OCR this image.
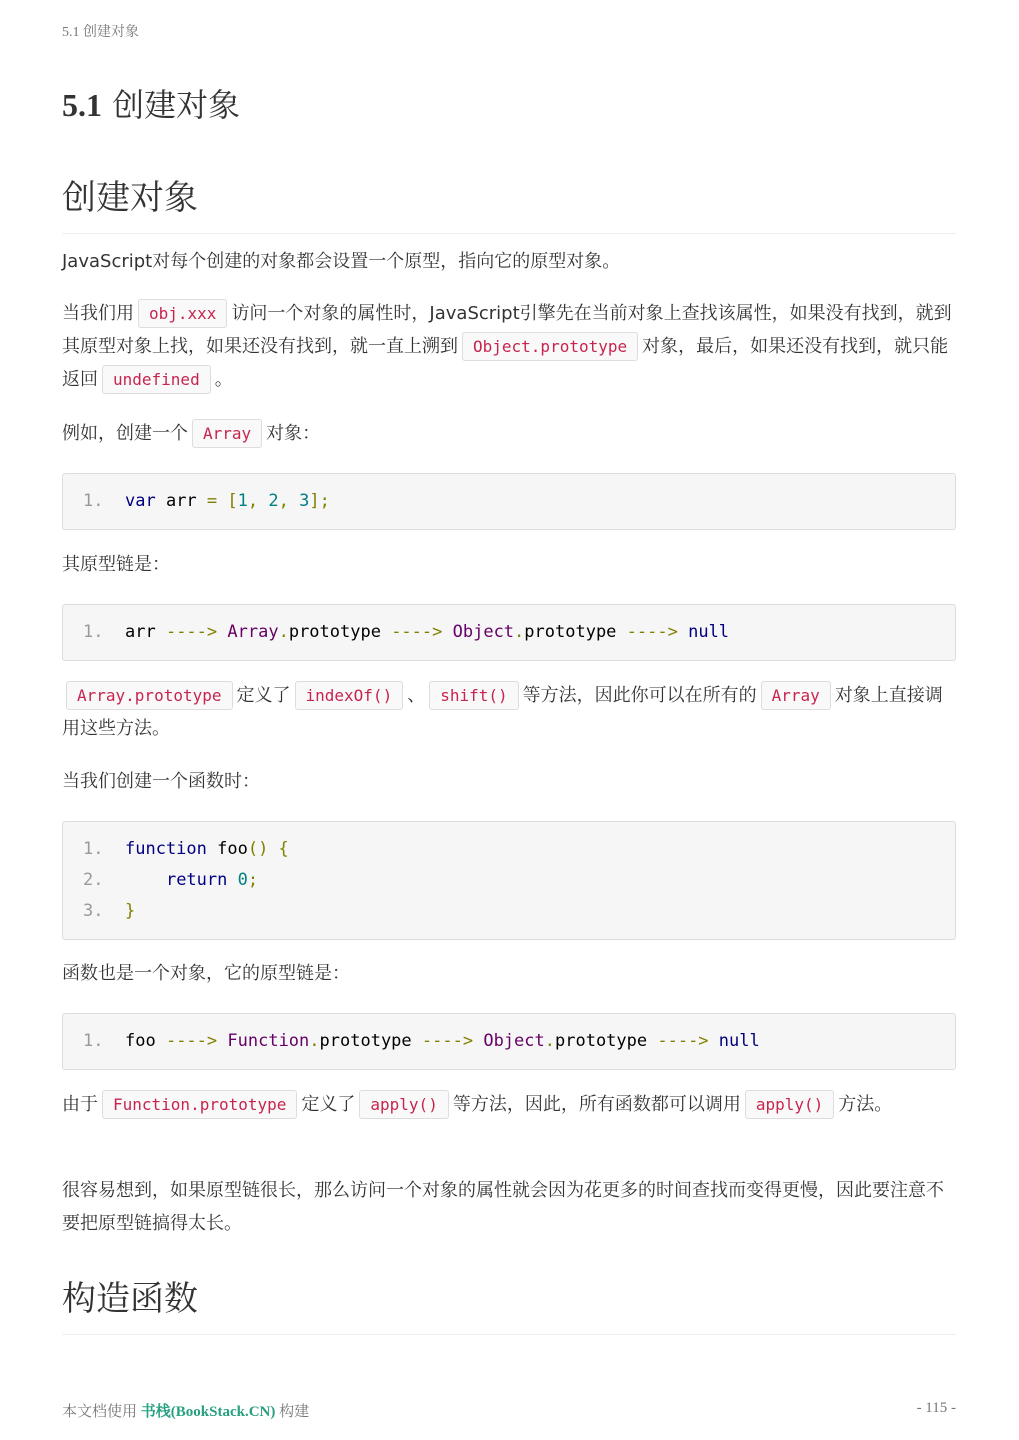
5.1 创建对象
5.1 创建对象
创建对象

JavaScript对每个创建的对象都会设置一个原型，指向它的原型对象。

当我们用 obj.xxx 访问一个对象的属性时，JavaScript引擎先在当前对象上查找该属性，如果没有找到，就到其原型对象上找，如果还没有找到，就一直上溯到 Object.prototype 对象，最后，如果还没有找到，就只能返回 undefined 。

例如，创建一个 Array 对象：

1. var arr = [1, 2, 3];

其原型链是：

1. arr ----> Array.prototype ----> Object.prototype ----> null

Array.prototype 定义了 indexOf() 、 shift() 等方法，因此你可以在所有的 Array 对象上直接调用这些方法。

当我们创建一个函数时：

1. function foo() {
2.	return 0;
3. }

函数也是一个对象，它的原型链是：

1. foo ----> Function.prototype ----> Object.prototype ----> null

由于 Function.prototype 定义了 apply() 等方法，因此，所有函数都可以调用 apply() 方法。

很容易想到，如果原型链很长，那么访问一个对象的属性就会因为花更多的时间查找而变得更慢，因此要注意不要把原型链搞得太长。

构造函数
本文档使用 书栈(BookStack.CN) 构建	- 115 -
